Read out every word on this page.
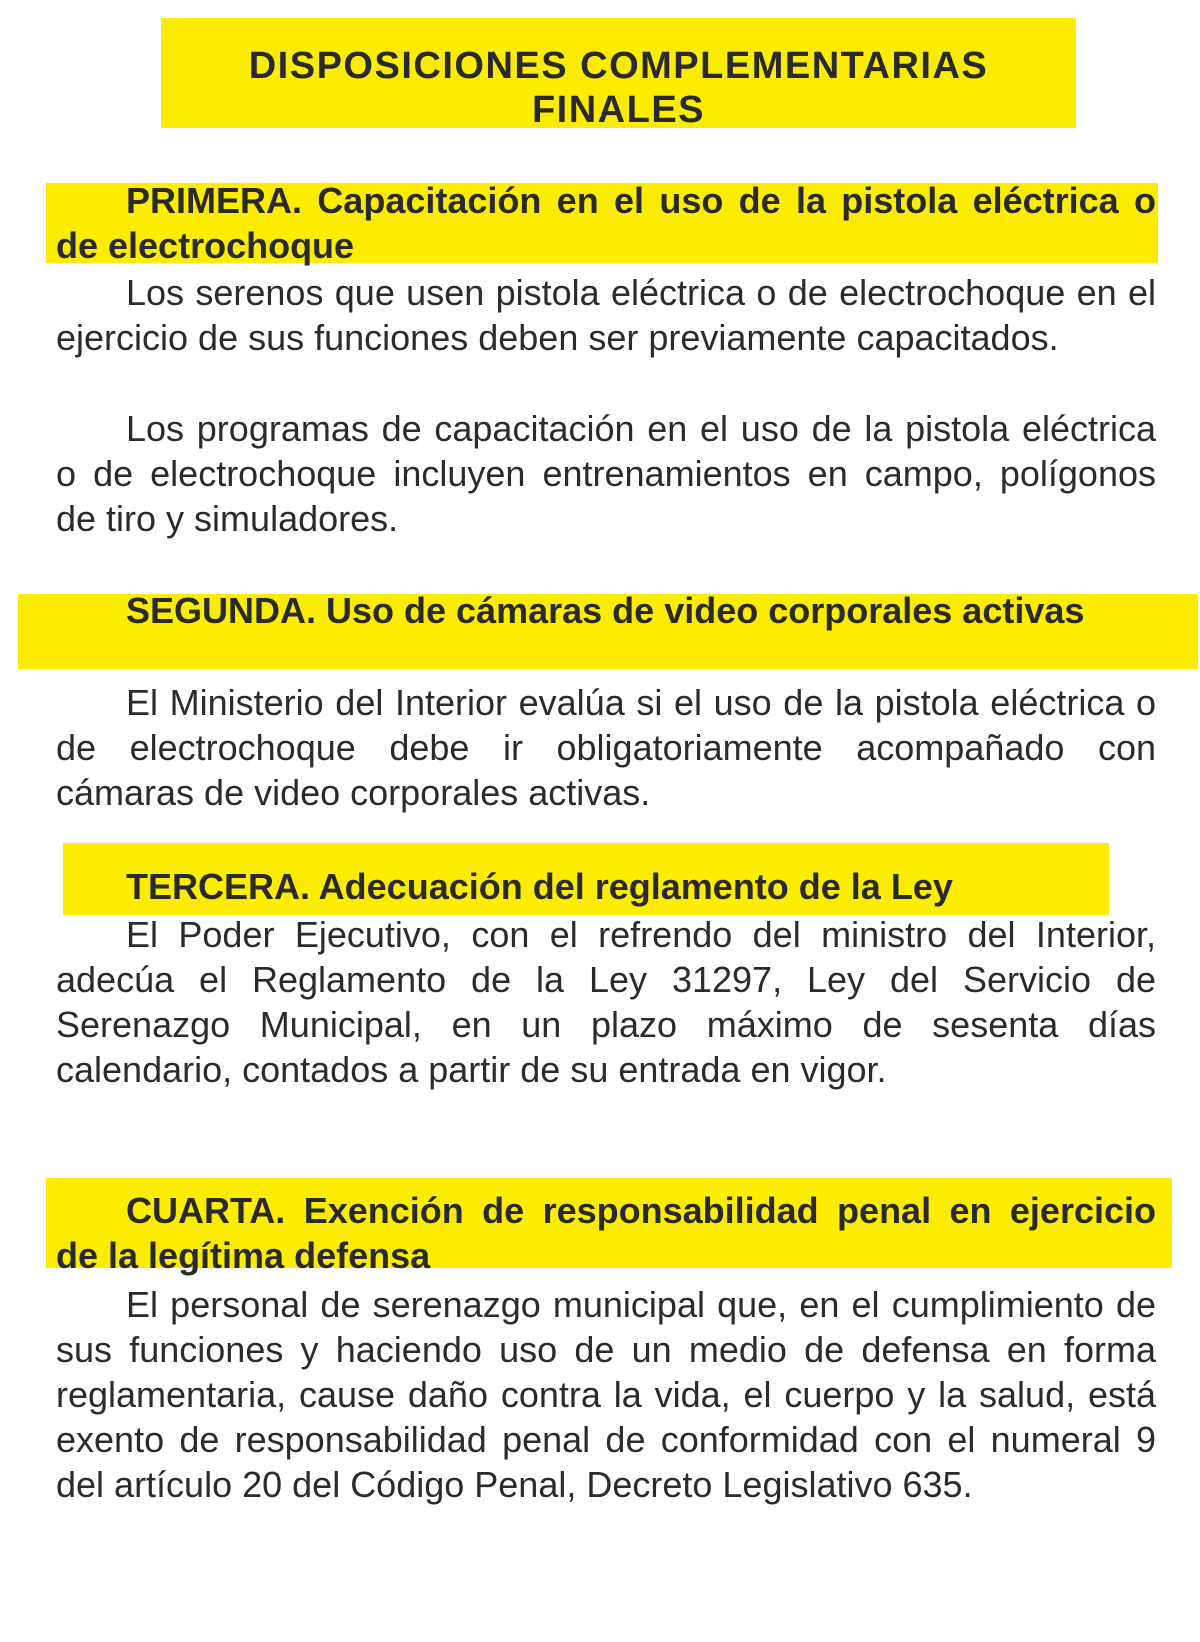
DISPOSICIONES COMPLEMENTARIAS
FINALES

PRIMERA. Capacitación en el uso de la pistola eléctrica o de electrochoque

Los serenos que usen pistola eléctrica o de electrochoque en el ejercicio de sus funciones deben ser previamente capacitados.

Los programas de capacitación en el uso de la pistola eléctrica o de electrochoque incluyen entrenamientos en campo, polígonos de tiro y simuladores.

SEGUNDA. Uso de cámaras de video corporales activas

El Ministerio del Interior evalúa si el uso de la pistola eléctrica o de electrochoque debe ir obligatoriamente acompañado con cámaras de video corporales activas.

TERCERA. Adecuación del reglamento de la Ley

El Poder Ejecutivo, con el refrendo del ministro del Interior, adecúa el Reglamento de la Ley 31297, Ley del Servicio de Serenazgo Municipal, en un plazo máximo de sesenta días calendario, contados a partir de su entrada en vigor.

CUARTA. Exención de responsabilidad penal en ejercicio de la legítima defensa

El personal de serenazgo municipal que, en el cumplimiento de sus funciones y haciendo uso de un medio de defensa en forma reglamentaria, cause daño contra la vida, el cuerpo y la salud, está exento de responsabilidad penal de conformidad con el numeral 9 del artículo 20 del Código Penal, Decreto Legislativo 635.
